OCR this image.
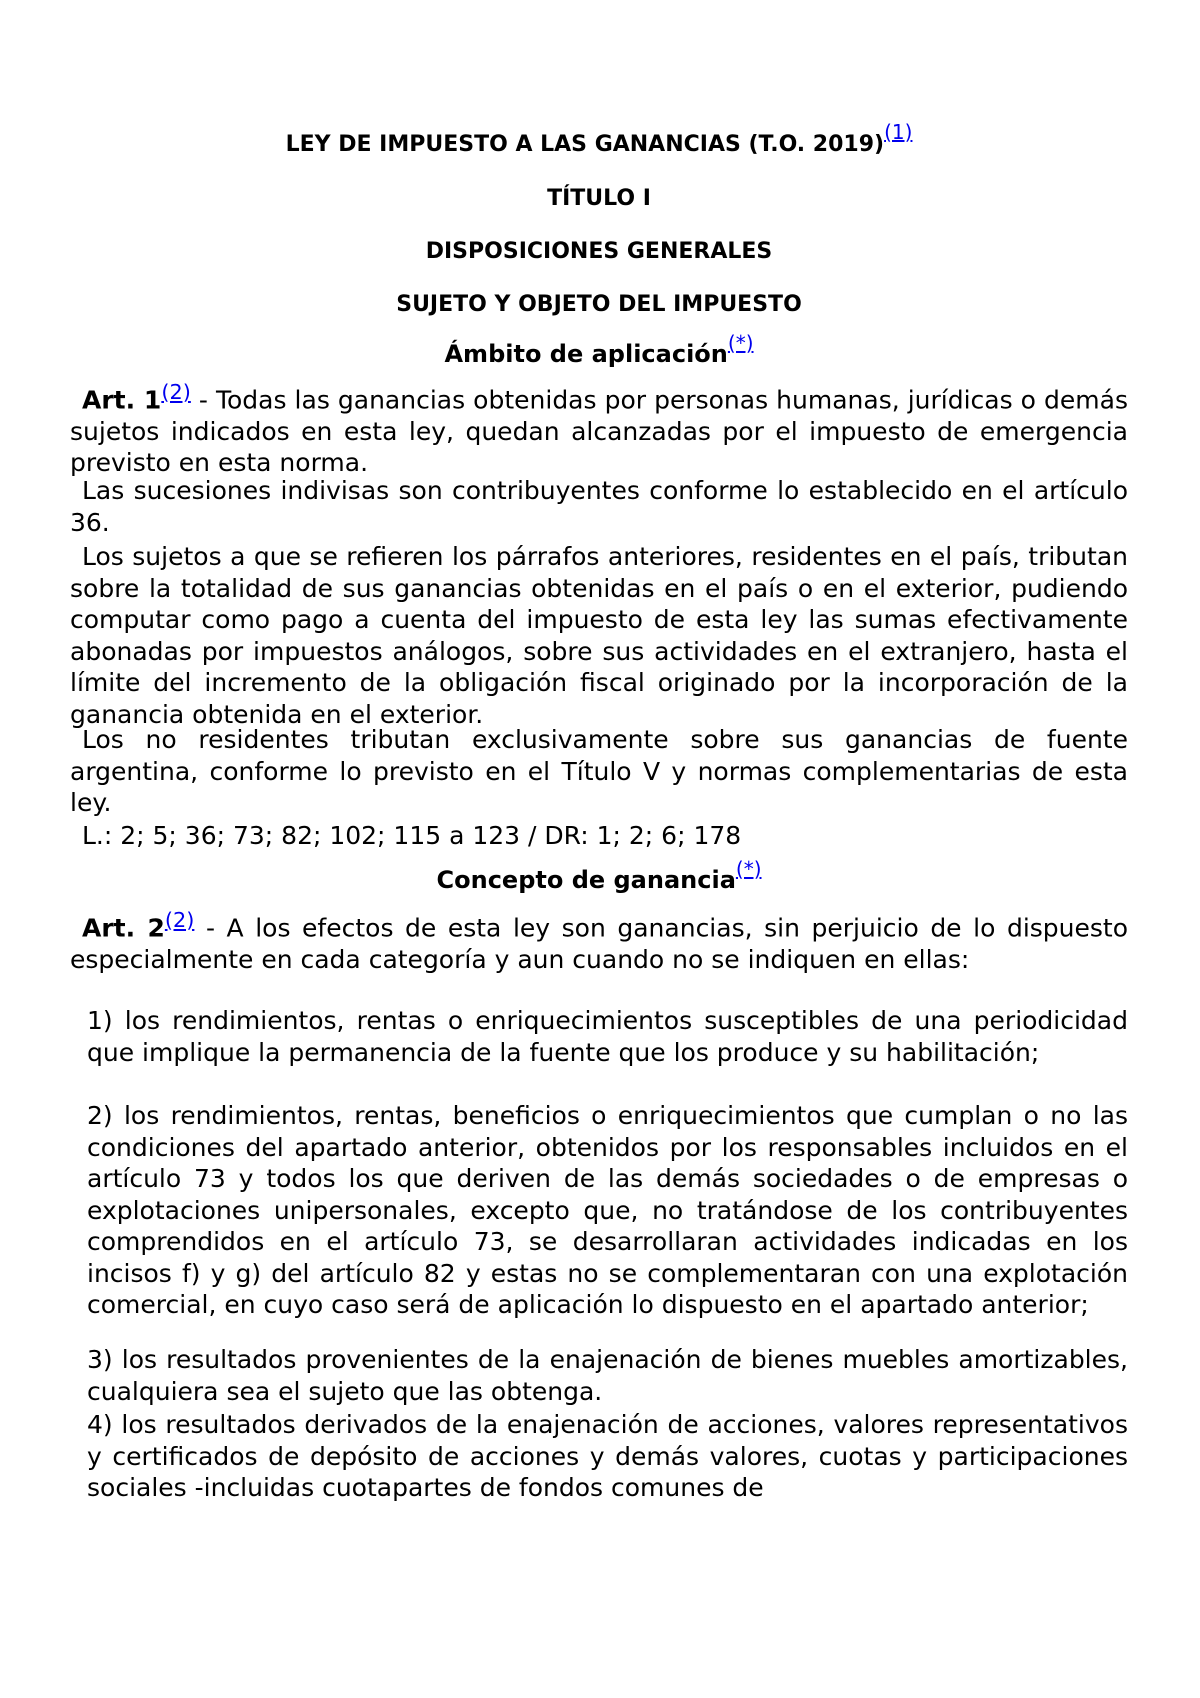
LEY DE IMPUESTO A LAS GANANCIAS (T.O. 2019)$^{(1)}$

TÍTULO I

DISPOSICIONES GENERALES

SUJETO Y OBJETO DEL IMPUESTO

Ámbito de aplicación(*)

Art. 1$^{(2)}$ - Todas las ganancias obtenidas por personas humanas, jurídicas o demás sujetos indicados en esta ley, quedan alcanzadas por el impuesto de emergencia previsto en esta norma.

Las sucesiones indivisas son contribuyentes conforme lo establecido en el artículo 36.

Los sujetos a que se refieren los párrafos anteriores, residentes en el país, tributan sobre la totalidad de sus ganancias obtenidas en el país o en el exterior, pudiendo computar como pago a cuenta del impuesto de esta ley las sumas efectivamente abonadas por impuestos análogos, sobre sus actividades en el extranjero, hasta el límite del incremento de la obligación fiscal originado por la incorporación de la ganancia obtenida en el exterior.

Los no residentes tributan exclusivamente sobre sus ganancias de fuente argentina, conforme lo previsto en el Título V y normas complementarias de esta ley.

L.: 2; 5; 36; 73; 82; 102; 115 a 123 / DR: 1; 2; 6; 178

Concepto de ganancia(*)

Art. 2$^{(2)}$ - A los efectos de esta ley son ganancias, sin perjuicio de lo dispuesto especialmente en cada categoría y aun cuando no se indiquen en ellas:

1) los rendimientos, rentas o enriquecimientos susceptibles de una periodicidad que implique la permanencia de la fuente que los produce y su habilitación;

2) los rendimientos, rentas, beneficios o enriquecimientos que cumplan o no las condiciones del apartado anterior, obtenidos por los responsables incluidos en el artículo 73 y todos los que deriven de las demás sociedades o de empresas o explotaciones unipersonales, excepto que, no tratándose de los contribuyentes comprendidos en el artículo 73, se desarrollaran actividades indicadas en los incisos f) y g) del artículo 82 y estas no se complementaran con una explotación comercial, en cuyo caso será de aplicación lo dispuesto en el apartado anterior;

3) los resultados provenientes de la enajenación de bienes muebles amortizables, cualquiera sea el sujeto que las obtenga.

4) los resultados derivados de la enajenación de acciones, valores representativos y certificados de depósito de acciones y demás valores, cuotas y participaciones sociales -incluidas cuotapartes de fondos comunes de
